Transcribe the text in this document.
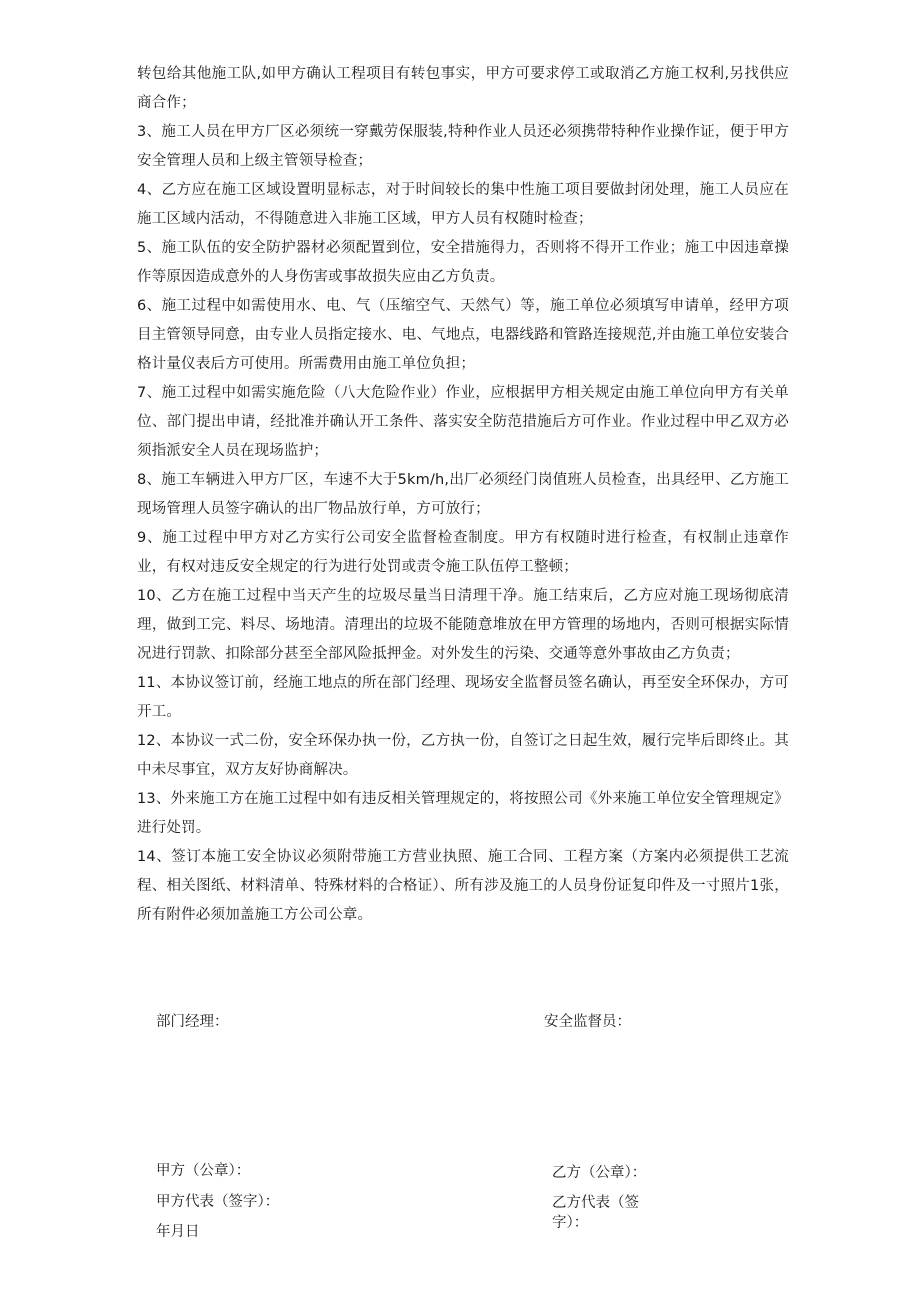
转包给其他施工队,如甲方确认工程项目有转包事实，甲方可要求停工或取消乙方施工权利,另找供应商合作；

3、施工人员在甲方厂区必须统一穿戴劳保服装,特种作业人员还必须携带特种作业操作证，便于甲方安全管理人员和上级主管领导检查；

4、乙方应在施工区域设置明显标志，对于时间较长的集中性施工项目要做封闭处理，施工人员应在施工区域内活动，不得随意进入非施工区域，甲方人员有权随时检查；

5、施工队伍的安全防护器材必须配置到位，安全措施得力，否则将不得开工作业；施工中因违章操作等原因造成意外的人身伤害或事故损失应由乙方负责。

6、施工过程中如需使用水、电、气（压缩空气、天然气）等，施工单位必须填写申请单，经甲方项目主管领导同意，由专业人员指定接水、电、气地点，电器线路和管路连接规范,并由施工单位安装合格计量仪表后方可使用。所需费用由施工单位负担；

7、施工过程中如需实施危险（八大危险作业）作业，应根据甲方相关规定由施工单位向甲方有关单位、部门提出申请，经批准并确认开工条件、落实安全防范措施后方可作业。作业过程中甲乙双方必须指派安全人员在现场监护；

8、施工车辆进入甲方厂区，车速不大于5km/h,出厂必须经门岗值班人员检查，出具经甲、乙方施工现场管理人员签字确认的出厂物品放行单，方可放行；

9、施工过程中甲方对乙方实行公司安全监督检查制度。甲方有权随时进行检查，有权制止违章作业，有权对违反安全规定的行为进行处罚或责令施工队伍停工整顿；

10、乙方在施工过程中当天产生的垃圾尽量当日清理干净。施工结束后，乙方应对施工现场彻底清理，做到工完、料尽、场地清。清理出的垃圾不能随意堆放在甲方管理的场地内，否则可根据实际情况进行罚款、扣除部分甚至全部风险抵押金。对外发生的污染、交通等意外事故由乙方负责；

11、本协议签订前，经施工地点的所在部门经理、现场安全监督员签名确认，再至安全环保办，方可开工。

12、本协议一式二份，安全环保办执一份，乙方执一份，自签订之日起生效，履行完毕后即终止。其中未尽事宜，双方友好协商解决。

13、外来施工方在施工过程中如有违反相关管理规定的，将按照公司《外来施工单位安全管理规定》进行处罚。

14、签订本施工安全协议必须附带施工方营业执照、施工合同、工程方案（方案内必须提供工艺流程、相关图纸、材料清单、特殊材料的合格证）、所有涉及施工的人员身份证复印件及一寸照片1张，所有附件必须加盖施工方公司公章。

部门经理：	安全监督员：
甲方（公章）：
甲方代表（签字）：
年月日
乙方（公章）：
乙方代表（签
字）：
